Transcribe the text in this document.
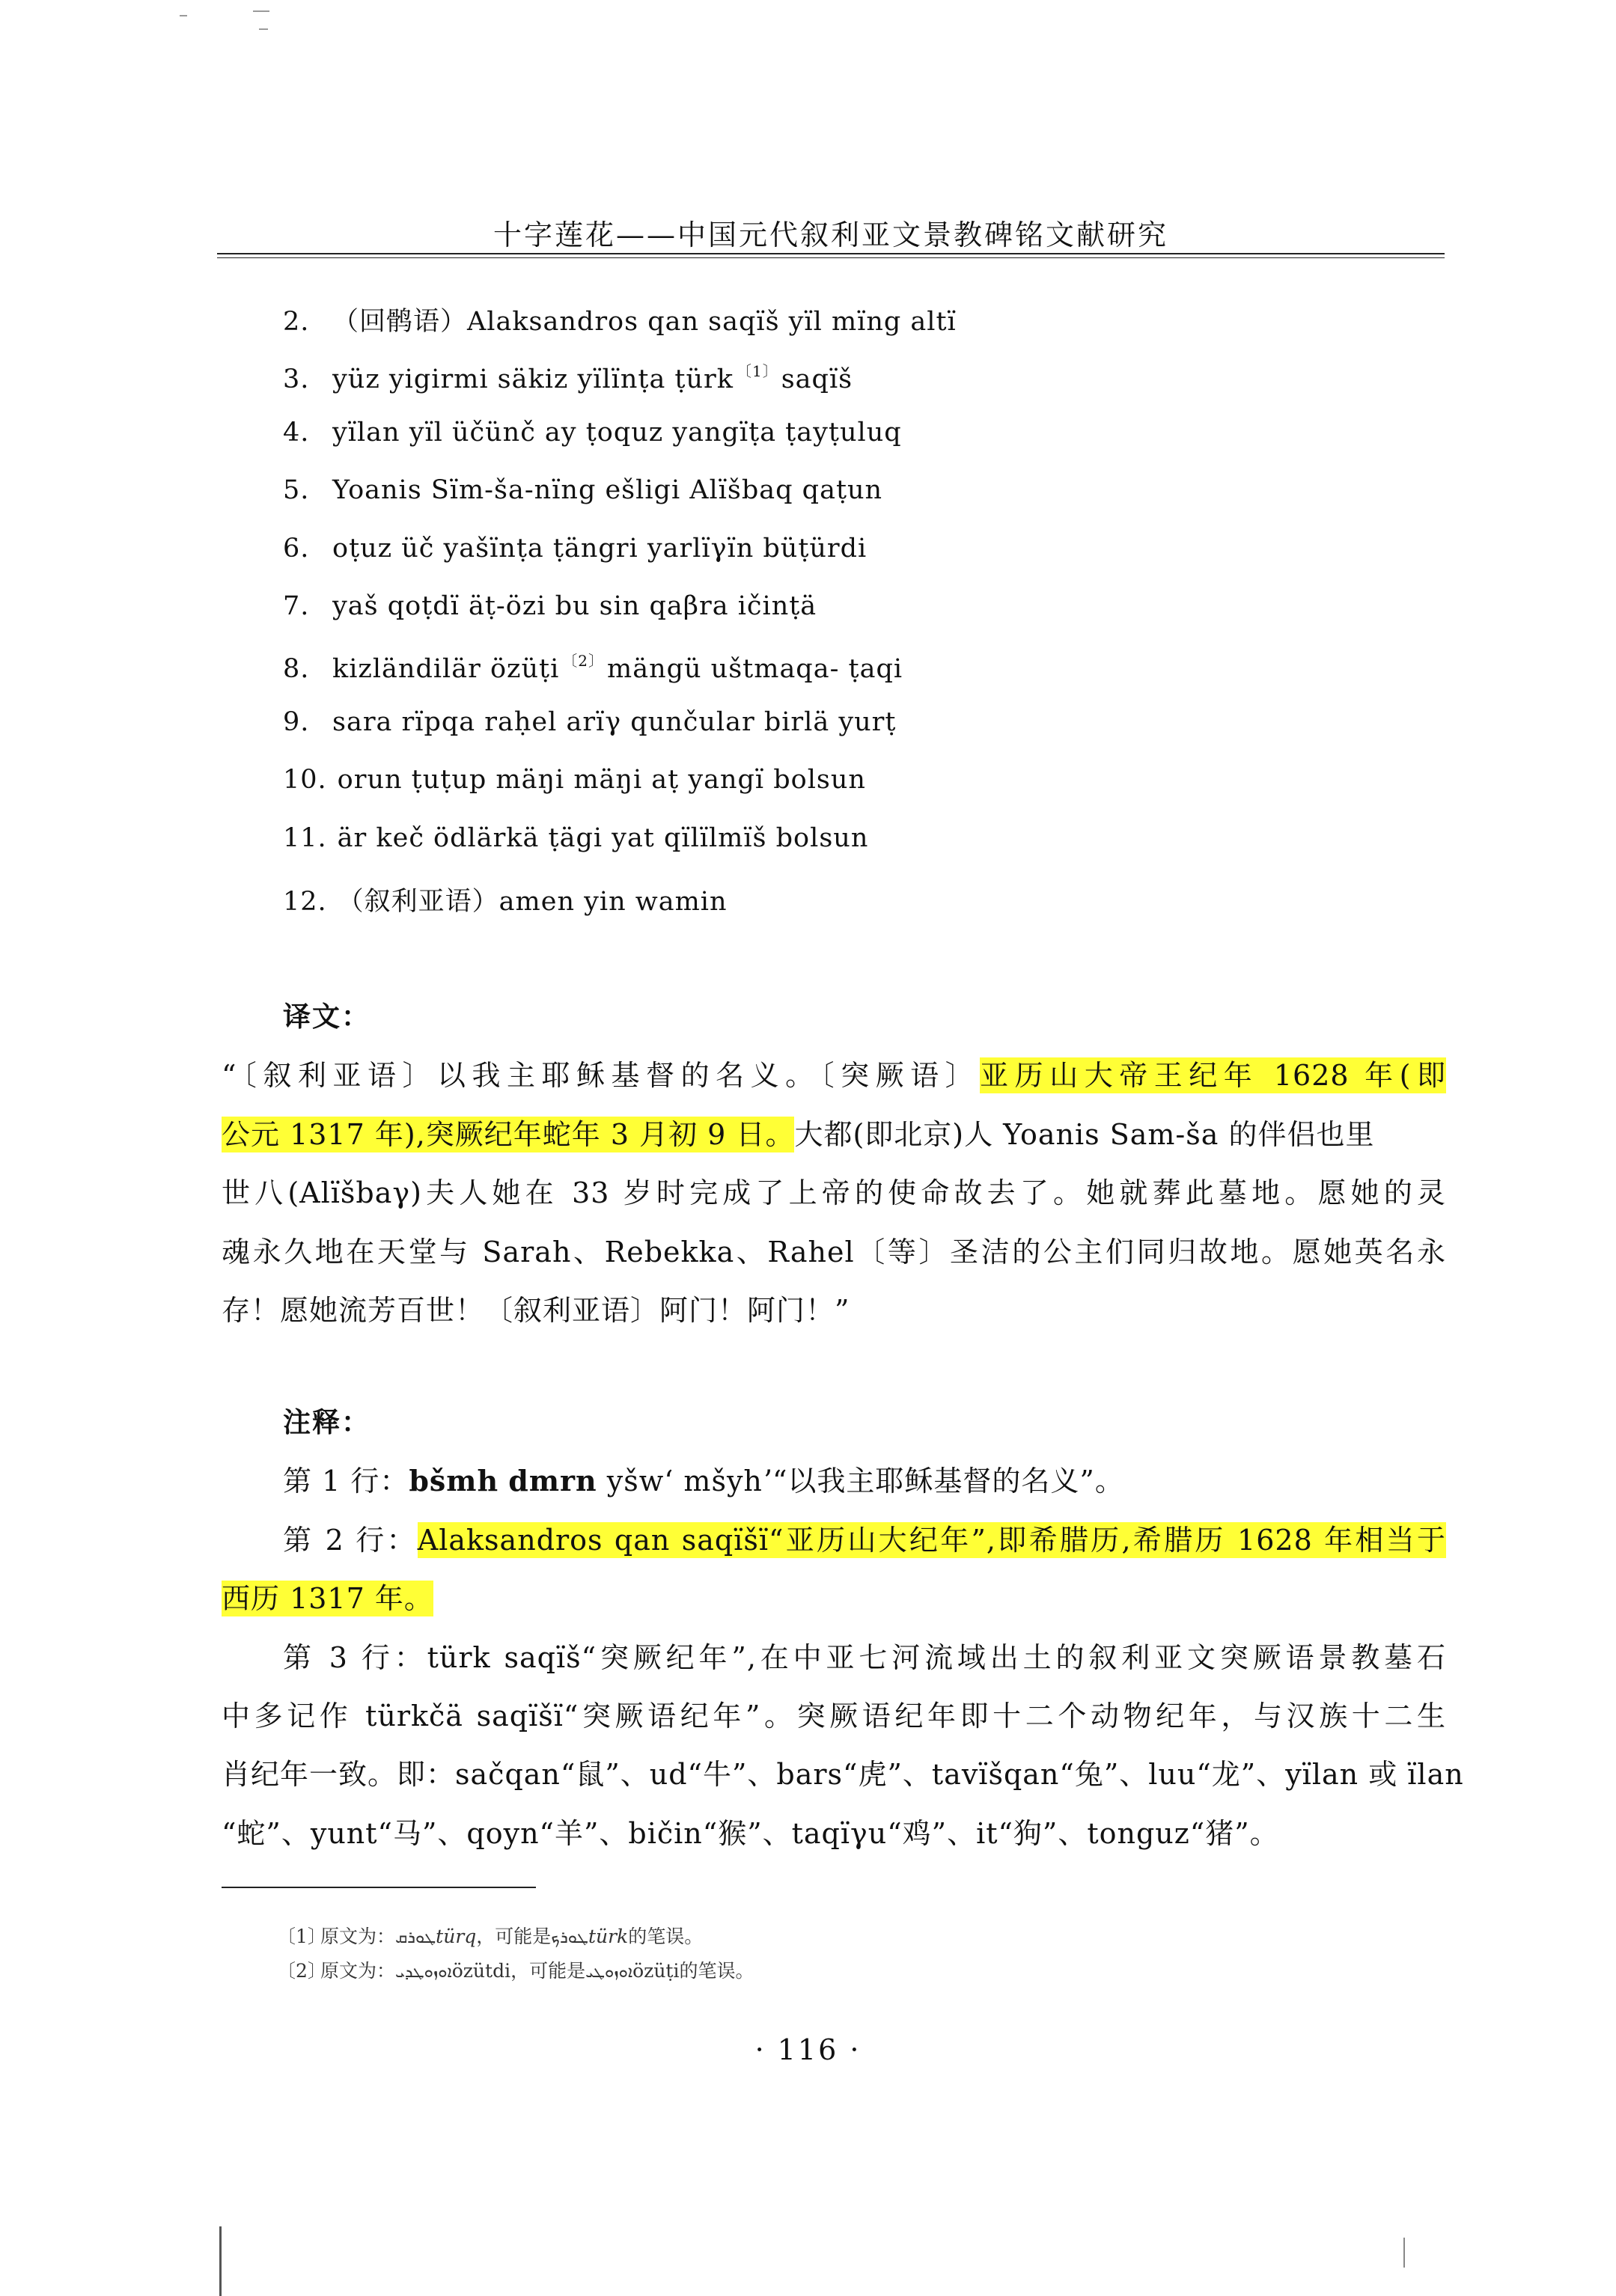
十字莲花——中国元代叙利亚文景教碑铭文献研究
2. （回鹘语）Alaksandros qan saqïš yïl mïng altï
3. yüz yigirmi säkiz yïlïnṭa ṭürk $^{〔1〕}$ saqïš
4. yïlan yïl üčünč ay ṭoquz yangïṭa ṭayṭuluq
5. Yoanis Sïm-ša-nïng ešligi Alïšbaq qaṭun
6. oṭuz üč yašïnṭa ṭängri yarlïγïn büṭürdi
7. yaš qoṭdï äṭ-özi bu sin qaβra ičinṭä
8. kizländilär özüṭi $^{〔2〕}$ mängü uštmaqa- ṭaqi
9. sara rïpqa raḥel arïγ qunčular birlä yurṭ
10. orun ṭuṭup mäŋi mäŋi aṭ yangï bolsun
11. är keč ödlärkä ṭägi yat qïlïlmïš bolsun
12. （叙利亚语）amen yin wamin
译文：
“〔叙利亚语〕以我主耶稣基督的名义。〔突厥语〕亚历山大帝王纪年 1628 年(即
公元 1317 年),突厥纪年蛇年 3 月初 9 日。大都(即北京)人 Yoanis Sam-ša 的伴侣也里
世八(Alïšbaγ)夫人她在 33 岁时完成了上帝的使命故去了。她就葬此墓地。愿她的灵
魂永久地在天堂与 Sarah、Rebekka、Rahel〔等〕圣洁的公主们同归故地。愿她英名永
存！愿她流芳百世！〔叙利亚语〕阿门！阿门！”
注释：
第 1 行：bšmh dmrn yšwʻ mšyhʼ“以我主耶稣基督的名义”。
第 2 行：Alaksandros qan saqïšï“亚历山大纪年”,即希腊历,希腊历 1628 年相当于
西历 1317 年。
第 3 行：türk saqïš“突厥纪年”,在中亚七河流域出土的叙利亚文突厥语景教墓石
中多记作 türkčä saqïšï“突厥语纪年”。突厥语纪年即十二个动物纪年，与汉族十二生
肖纪年一致。即：sačqan“鼠”、ud“牛”、bars“虎”、tavïšqan“兔”、luu“龙”、yïlan 或 ïlan
“蛇”、yunt“马”、qoyn“羊”、bičin“猴”、taqïγu“鸡”、it“狗”、tonguz“猪”。
〔1〕原文为：ܛܘܪܩtürq，可能是ܛܘܪܟtürk的笔误。
〔2〕原文为：ܐܘܙܘܛܕܝözütdi，可能是ܐܘܙܘܛܝözüṭi的笔误。
· 116 ·
